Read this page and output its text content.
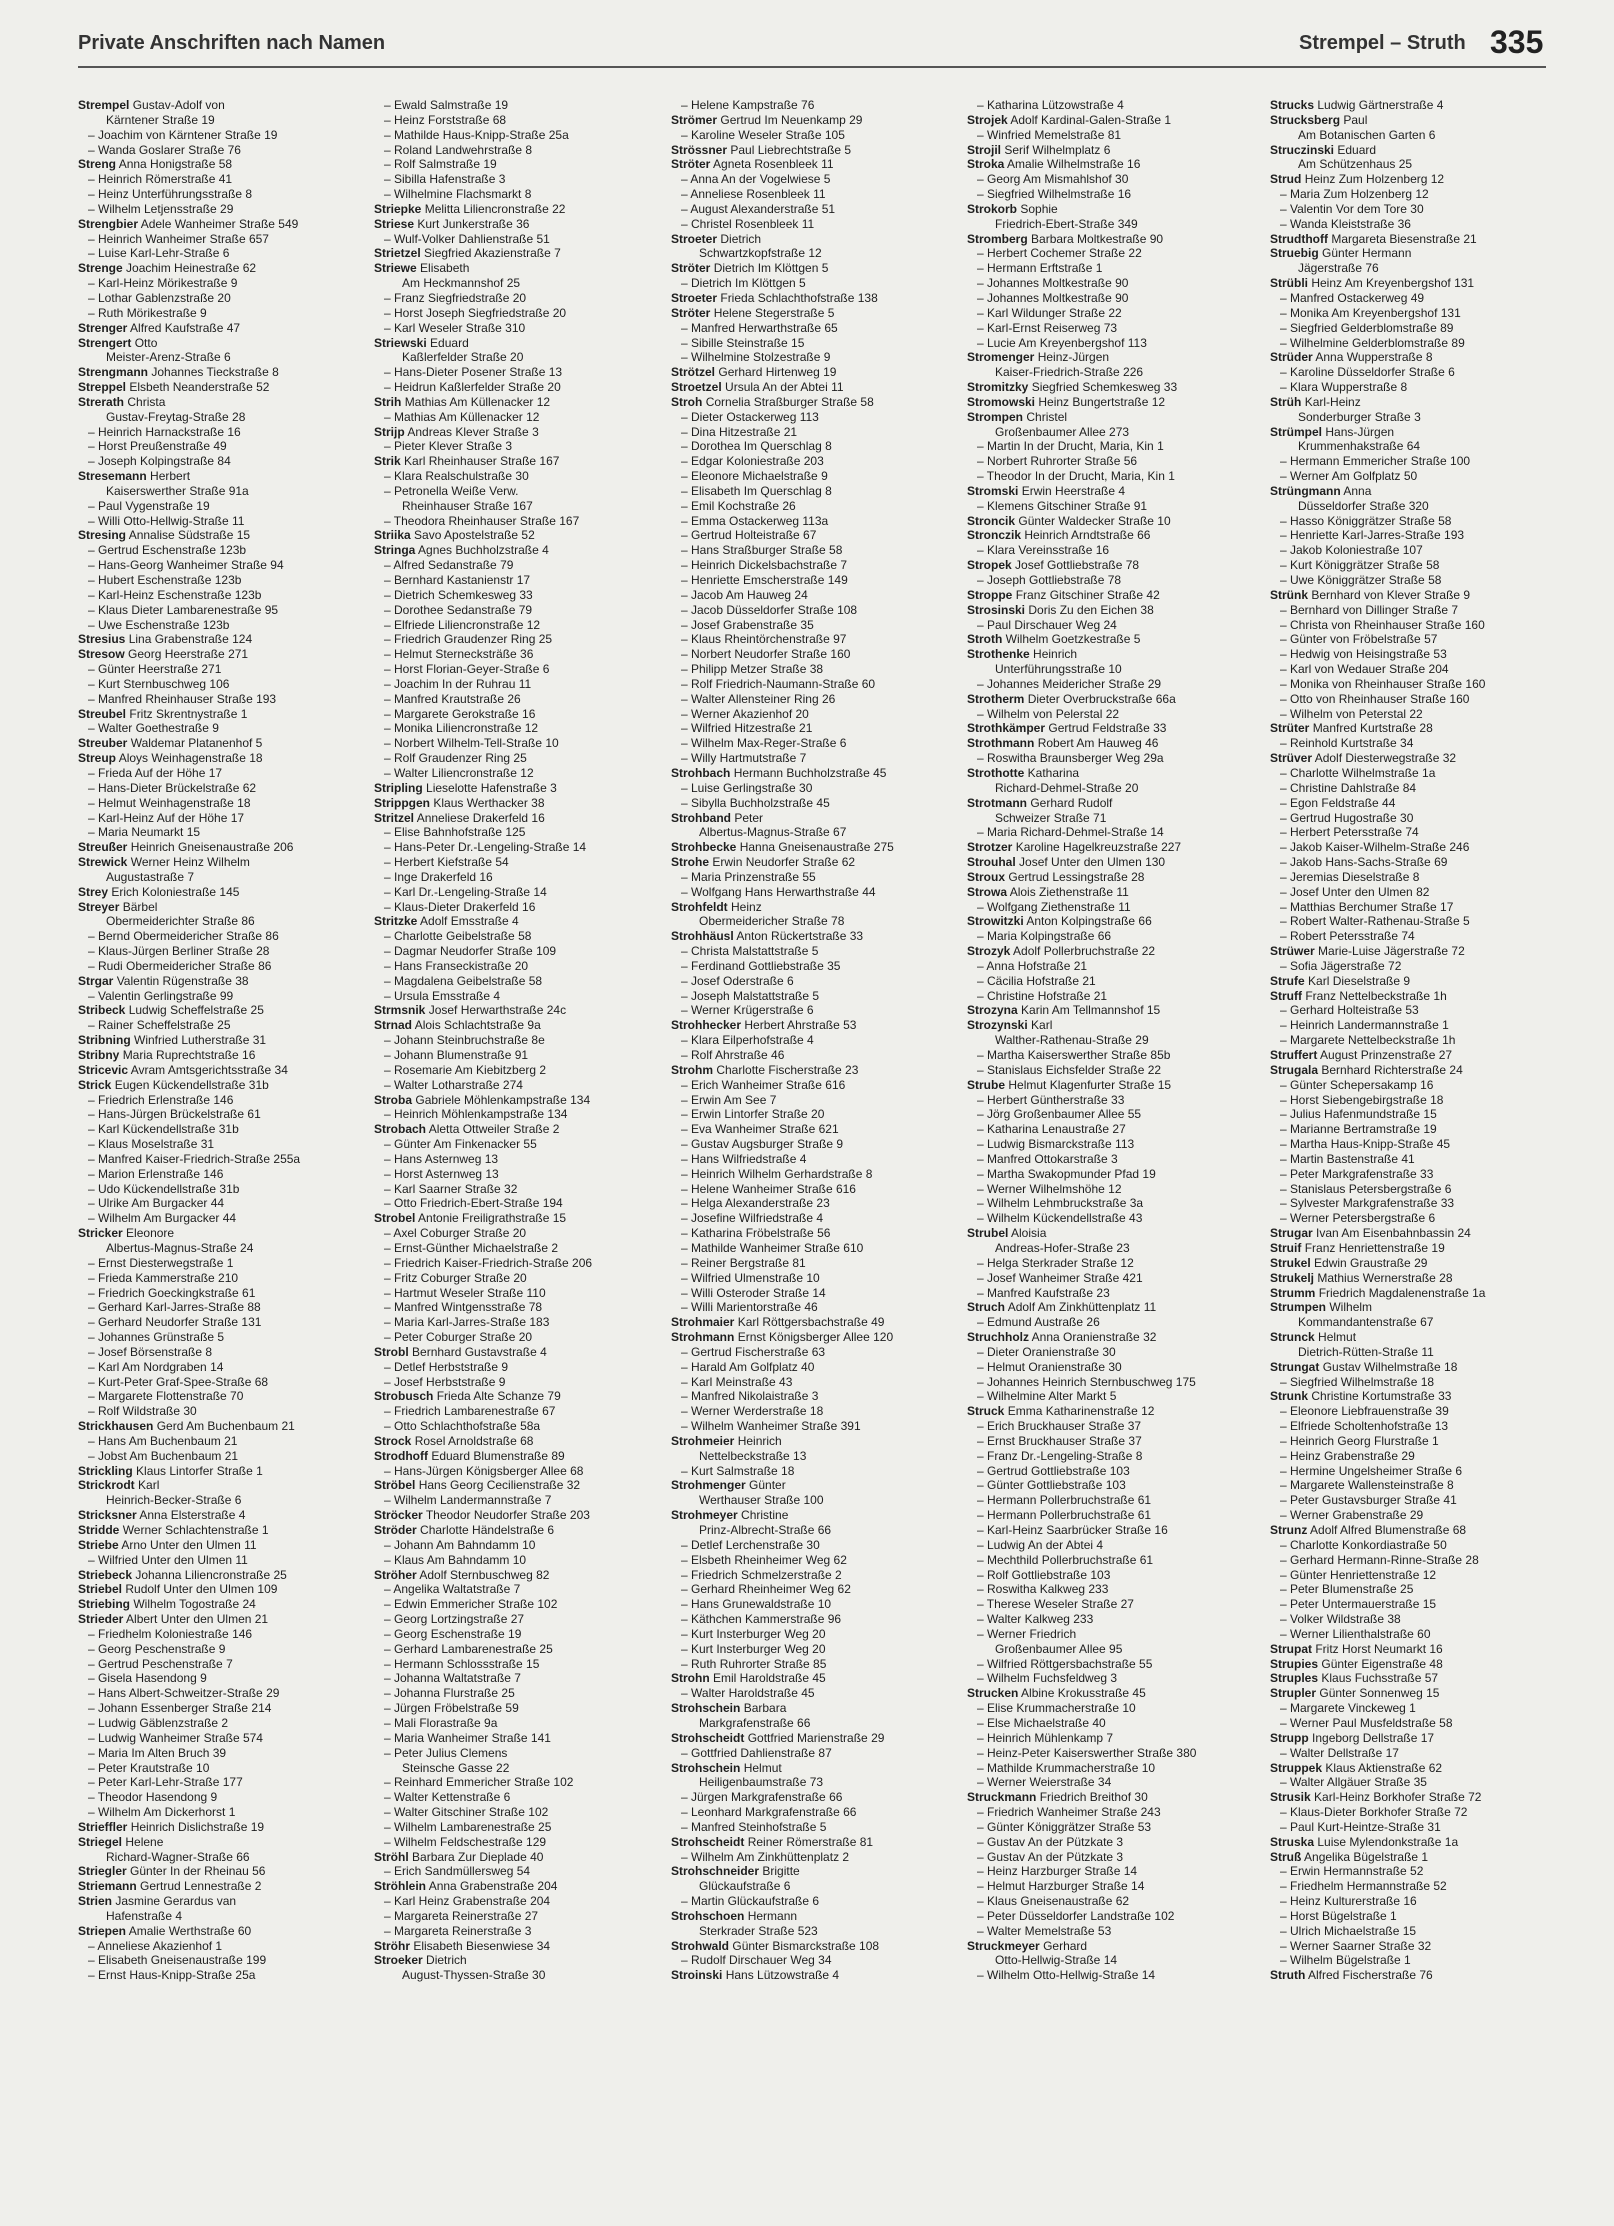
Private Anschriften nach Namen	Strempel – Struth 335
Strempel Gustav-Adolf von
Kärntener Straße 19
– Joachim von Kärntener Straße 19
– Wanda Goslarer Straße 76
Streng Anna Honigstraße 58
– Heinrich Römerstraße 41
– Heinz Unterführungsstraße 8
– Wilhelm Letjensstraße 29
Strengbier Adele Wanheimer Straße 549
– Heinrich Wanheimer Straße 657
– Luise Karl-Lehr-Straße 6
Strenge Joachim Heinestraße 62
– Karl-Heinz Mörikestraße 9
– Lothar Gablenzstraße 20
– Ruth Mörikestraße 9
Strenger Alfred Kaufstraße 47
Strengert Otto
Meister-Arenz-Straße 6
Strengmann Johannes Tieckstraße 8
Streppel Elsbeth Neanderstraße 52
Strerath Christa
Gustav-Freytag-Straße 28
– Heinrich Harnackstraße 16
– Horst Preußenstraße 49
– Joseph Kolpingstraße 84
Stresemann Herbert
Kaiserswerther Straße 91a
– Paul Vygenstraße 19
– Willi Otto-Hellwig-Straße 11
Stresing Annalise Südstraße 15
– Gertrud Eschenstraße 123b
– Hans-Georg Wanheimer Straße 94
– Hubert Eschenstraße 123b
– Karl-Heinz Eschenstraße 123b
– Klaus Dieter Lambarenestraße 95
– Uwe Eschenstraße 123b
Stresius Lina Grabenstraße 124
Stresow Georg Heerstraße 271
– Günter Heerstraße 271
– Kurt Sternbuschweg 106
– Manfred Rheinhauser Straße 193
Streubel Fritz Skrentnystraße 1
– Walter Goethestraße 9
Streuber Waldemar Platanenhof 5
Streup Aloys Weinhagenstraße 18
– Frieda Auf der Höhe 17
– Hans-Dieter Brückelstraße 62
– Helmut Weinhagenstraße 18
– Karl-Heinz Auf der Höhe 17
– Maria Neumarkt 15
Streußer Heinrich Gneisenaustraße 206
Strewick Werner Heinz Wilhelm
Augustastraße 7
Strey Erich Koloniestraße 145
Streyer Bärbel
Obermeiderichter Straße 86
– Bernd Obermeidericher Straße 86
– Klaus-Jürgen Berliner Straße 28
– Rudi Obermeidericher Straße 86
Strgar Valentin Rügenstraße 38
– Valentin Gerlingstraße 99
Stribeck Ludwig Scheffelstraße 25
– Rainer Scheffelstraße 25
Stribning Winfried Lutherstraße 31
Stribny Maria Ruprechtstraße 16
Stricevic Avram Amtsgerichtsstraße 34
Strick Eugen Kückendellstraße 31b
– Friedrich Erlenstraße 146
– Hans-Jürgen Brückelstraße 61
– Karl Kückendellstraße 31b
– Klaus Moselstraße 31
– Manfred Kaiser-Friedrich-Straße 255a
– Marion Erlenstraße 146
– Udo Kückendellstraße 31b
– Ulrike Am Burgacker 44
– Wilhelm Am Burgacker 44
Stricker Eleonore
Albertus-Magnus-Straße 24
– Ernst Diesterwegstraße 1
– Frieda Kammerstraße 210
– Friedrich Goeckingkstraße 61
– Gerhard Karl-Jarres-Straße 88
– Gerhard Neudorfer Straße 131
– Johannes Grünstraße 5
– Josef Börsenstraße 8
– Karl Am Nordgraben 14
– Kurt-Peter Graf-Spee-Straße 68
– Margarete Flottenstraße 70
– Rolf Wildstraße 30
Strickhausen Gerd Am Buchenbaum 21
– Hans Am Buchenbaum 21
– Jobst Am Buchenbaum 21
Strickling Klaus Lintorfer Straße 1
Strickrodt Karl
Heinrich-Becker-Straße 6
Stricksner Anna Elsterstraße 4
Stridde Werner Schlachtenstraße 1
Striebe Arno Unter den Ulmen 11
– Wilfried Unter den Ulmen 11
Striebeck Johanna Liliencronstraße 25
Striebel Rudolf Unter den Ulmen 109
Striebing Wilhelm Togostraße 24
Strieder Albert Unter den Ulmen 21
– Friedhelm Koloniestraße 146
– Georg Peschenstraße 9
– Gertrud Peschenstraße 7
– Gisela Hasendong 9
– Hans Albert-Schweitzer-Straße 29
– Johann Essenberger Straße 214
– Ludwig Gäblenzstraße 2
– Ludwig Wanheimer Straße 574
– Maria Im Alten Bruch 39
– Peter Krautstraße 10
– Peter Karl-Lehr-Straße 177
– Theodor Hasendong 9
– Wilhelm Am Dickerhorst 1
Strieffler Heinrich Dislichstraße 19
Striegel Helene
Richard-Wagner-Straße 66
Striegler Günter In der Rheinau 56
Striemann Gertrud Lennestraße 2
Strien Jasmine Gerardus van
Hafenstraße 4
Striepen Amalie Werthstraße 60
– Anneliese Akazienhof 1
– Elisabeth Gneisenaustraße 199
– Ernst Haus-Knipp-Straße 25a
– Ewald Salmstraße 19
– Heinz Forststraße 68
– Mathilde Haus-Knipp-Straße 25a
– Roland Landwehrstraße 8
– Rolf Salmstraße 19
– Sibilla Hafenstraße 3
– Wilhelmine Flachsmarkt 8
Striepke Melitta Liliencronstraße 22
Striese Kurt Junkerstraße 36
– Wulf-Volker Dahlienstraße 51
Strietzel Siegfried Akazienstraße 7
Striewe Elisabeth
Am Heckmannshof 25
– Franz Siegfriedstraße 20
– Horst Joseph Siegfriedstraße 20
– Karl Weseler Straße 310
Striewski Eduard
Kaßlerfelder Straße 20
– Hans-Dieter Posener Straße 13
– Heidrun Kaßlerfelder Straße 20
Strih Mathias Am Küllenacker 12
– Mathias Am Küllenacker 12
Strijp Andreas Klever Straße 3
– Pieter Klever Straße 3
Strik Karl Rheinhauser Straße 167
– Klara Realschulstraße 30
– Petronella Weiße Verw.
Rheinhauser Straße 167
– Theodora Rheinhauser Straße 167
Striika Savo Apostelstraße 52
Stringa Agnes Buchholzstraße 4
– Alfred Sedanstraße 79
– Bernhard Kastanienstr 17
– Dietrich Schemkesweg 33
– Dorothee Sedanstraße 79
– Elfriede Liliencronstraße 12
– Friedrich Graudenzer Ring 25
– Helmut Sternecksträße 36
– Horst Florian-Geyer-Straße 6
– Joachim In der Ruhrau 11
– Manfred Krautstraße 26
– Margarete Gerokstraße 16
– Monika Liliencronstraße 12
– Norbert Wilhelm-Tell-Straße 10
– Rolf Graudenzer Ring 25
– Walter Liliencronstraße 12
Stripling Lieselotte Hafenstraße 3
Strippgen Klaus Werthacker 38
Stritzel Anneliese Drakerfeld 16
– Elise Bahnhofstraße 125
– Hans-Peter Dr.-Lengeling-Straße 14
– Herbert Kiefstraße 54
– Inge Drakerfeld 16
– Karl Dr.-Lengeling-Straße 14
– Klaus-Dieter Drakerfeld 16
Stritzke Adolf Emsstraße 4
– Charlotte Geibelstraße 58
– Dagmar Neudorfer Straße 109
– Hans Franseckistraße 20
– Magdalena Geibelstraße 58
– Ursula Emsstraße 4
Strmsnik Josef Herwarthstraße 24c
Strnad Alois Schlachtstraße 9a
– Johann Steinbruchstraße 8e
– Johann Blumenstraße 91
– Rosemarie Am Kiebitzberg 2
– Walter Lotharstraße 274
Stroba Gabriele Möhlenkampstraße 134
– Heinrich Möhlenkampstraße 134
Strobach Aletta Ottweiler Straße 2
– Günter Am Finkenacker 55
– Hans Asternweg 13
– Horst Asternweg 13
– Karl Saarner Straße 32
– Otto Friedrich-Ebert-Straße 194
Strobel Antonie Freiligrathstraße 15
– Axel Coburger Straße 20
– Ernst-Günther Michaelstraße 2
– Friedrich Kaiser-Friedrich-Straße 206
– Fritz Coburger Straße 20
– Hartmut Weseler Straße 110
– Manfred Wintgensstraße 78
– Maria Karl-Jarres-Straße 183
– Peter Coburger Straße 20
Strobl Bernhard Gustavstraße 4
– Detlef Herbststraße 9
– Josef Herbststraße 9
Strobusch Frieda Alte Schanze 79
– Friedrich Lambarenestraße 67
– Otto Schlachthofstraße 58a
Strock Rosel Arnoldstraße 68
Strodhoff Eduard Blumenstraße 89
– Hans-Jürgen Königsberger Allee 68
Ströbel Hans Georg Cecilienstraße 32
– Wilhelm Landermannstraße 7
Ströcker Theodor Neudorfer Straße 203
Ströder Charlotte Händelstraße 6
– Johann Am Bahndamm 10
– Klaus Am Bahndamm 10
Ströher Adolf Sternbuschweg 82
– Angelika Waltatstraße 7
– Edwin Emmericher Straße 102
– Georg Lortzingstraße 27
– Georg Eschenstraße 19
– Gerhard Lambarenestraße 25
– Hermann Schlossstraße 15
– Johanna Waltatstraße 7
– Johanna Flurstraße 25
– Jürgen Fröbelstraße 59
– Mali Florastraße 9a
– Maria Wanheimer Straße 141
– Peter Julius Clemens
Steinsche Gasse 22
– Reinhard Emmericher Straße 102
– Walter Kettenstraße 6
– Walter Gitschiner Straße 102
– Wilhelm Lambarenestraße 25
– Wilhelm Feldschestraße 129
Ströhl Barbara Zur Dieplade 40
– Erich Sandmüllersweg 54
Ströhlein Anna Grabenstraße 204
– Karl Heinz Grabenstraße 204
– Margareta Reinerstraße 27
– Margareta Reinerstraße 3
Ströhr Elisabeth Biesenwiese 34
Stroeker Dietrich
August-Thyssen-Straße 30
– Helene Kampstraße 76
Strömer Gertrud Im Neuenkamp 29
– Karoline Weseler Straße 105
Strössner Paul Liebrechtstraße 5
Ströter Agneta Rosenbleek 11
– Anna An der Vogelwiese 5
– Anneliese Rosenbleek 11
– August Alexanderstraße 51
– Christel Rosenbleek 11
Stroeter Dietrich
Schwartzkopfstraße 12
Ströter Dietrich Im Klöttgen 5
– Dietrich Im Klöttgen 5
Stroeter Frieda Schlachthofstraße 138
Ströter Helene Stegerstraße 5
– Manfred Herwarthstraße 65
– Sibille Steinstraße 15
– Wilhelmine Stolzestraße 9
Strötzel Gerhard Hirtenweg 19
Stroetzel Ursula An der Abtei 11
Stroh Cornelia Straßburger Straße 58
– Dieter Ostackerweg 113
– Dina Hitzestraße 21
– Dorothea Im Querschlag 8
– Edgar Koloniestraße 203
– Eleonore Michaelstraße 9
– Elisabeth Im Querschlag 8
– Emil Kochstraße 26
– Emma Ostackerweg 113a
– Gertrud Holteistraße 67
– Hans Straßburger Straße 58
– Heinrich Dickelsbachstraße 7
– Henriette Emscherstraße 149
– Jacob Am Hauweg 24
– Jacob Düsseldorfer Straße 108
– Josef Grabenstraße 35
– Klaus Rheintörchenstraße 97
– Norbert Neudorfer Straße 160
– Philipp Metzer Straße 38
– Rolf Friedrich-Naumann-Straße 60
– Walter Allensteiner Ring 26
– Werner Akazienhof 20
– Wilfried Hitzestraße 21
– Wilhelm Max-Reger-Straße 6
– Willy Hartmutstraße 7
Strohbach Hermann Buchholzstraße 45
– Luise Gerlingstraße 30
– Sibylla Buchholzstraße 45
Strohband Peter
Albertus-Magnus-Straße 67
Strohbecke Hanna Gneisenaustraße 275
Strohe Erwin Neudorfer Straße 62
– Maria Prinzenstraße 55
– Wolfgang Hans Herwarthstraße 44
Strohfeldt Heinz
Obermeidericher Straße 78
Strohhäusl Anton Rückertstraße 33
– Christa Malstattstraße 5
– Ferdinand Gottliebstraße 35
– Josef Oderstraße 6
– Joseph Malstattstraße 5
– Werner Krügerstraße 6
Strohhecker Herbert Ahrstraße 53
– Klara Eilperhofstraße 4
– Rolf Ahrstraße 46
Strohm Charlotte Fischerstraße 23
– Erich Wanheimer Straße 616
– Erwin Am See 7
– Erwin Lintorfer Straße 20
– Eva Wanheimer Straße 621
– Gustav Augsburger Straße 9
– Hans Wilfriedstraße 4
– Heinrich Wilhelm Gerhardstraße 8
– Helene Wanheimer Straße 616
– Helga Alexanderstraße 23
– Josefine Wilfriedstraße 4
– Katharina Fröbelstraße 56
– Mathilde Wanheimer Straße 610
– Reiner Bergstraße 81
– Wilfried Ulmenstraße 10
– Willi Osteroder Straße 14
– Willi Marientorstraße 46
Strohmaier Karl Röttgersbachstraße 49
Strohmann Ernst Königsberger Allee 120
– Gertrud Fischerstraße 63
– Harald Am Golfplatz 40
– Karl Meinstraße 43
– Manfred Nikolaistraße 3
– Werner Werderstraße 18
– Wilhelm Wanheimer Straße 391
Strohmeier Heinrich
Nettelbeckstraße 13
– Kurt Salmstraße 18
Strohmenger Günter
Werthauser Straße 100
Strohmeyer Christine
Prinz-Albrecht-Straße 66
– Detlef Lerchenstraße 30
– Elsbeth Rheinheimer Weg 62
– Friedrich Schmelzerstraße 2
– Gerhard Rheinheimer Weg 62
– Hans Grunewaldstraße 10
– Käthchen Kammerstraße 96
– Kurt Insterburger Weg 20
– Kurt Insterburger Weg 20
– Ruth Ruhrorter Straße 85
Strohn Emil Haroldstraße 45
– Walter Haroldstraße 45
Strohschein Barbara
Markgrafenstraße 66
Strohscheidt Gottfried Marienstraße 29
– Gottfried Dahlienstraße 87
Strohschein Helmut
Heiligenbaumstraße 73
– Jürgen Markgrafenstraße 66
– Leonhard Markgrafenstraße 66
– Manfred Steinhofstraße 5
Strohscheidt Reiner Römerstraße 81
– Wilhelm Am Zinkhüttenplatz 2
Strohschneider Brigitte
Glückaufstraße 6
– Martin Glückaufstraße 6
Strohschoen Hermann
Sterkrader Straße 523
Strohwald Günter Bismarckstraße 108
– Rudolf Dirschauer Weg 34
Stroinski Hans Lützowstraße 4
– Katharina Lützowstraße 4
Strojek Adolf Kardinal-Galen-Straße 1
– Winfried Memelstraße 81
Strojil Serif Wilhelmplatz 6
Stroka Amalie Wilhelmstraße 16
– Georg Am Mismahlshof 30
– Siegfried Wilhelmstraße 16
Strokorb Sophie
Friedrich-Ebert-Straße 349
Stromberg Barbara Moltkestraße 90
– Herbert Cochemer Straße 22
– Hermann Erftstraße 1
– Johannes Moltkestraße 90
– Johannes Moltkestraße 90
– Karl Wildunger Straße 22
– Karl-Ernst Reiserweg 73
– Lucie Am Kreyenbergshof 113
Stromenger Heinz-Jürgen
Kaiser-Friedrich-Straße 226
Stromitzky Siegfried Schemkesweg 33
Stromowski Heinz Bungertstraße 12
Strompen Christel
Großenbaumer Allee 273
– Martin In der Drucht, Maria, Kin 1
– Norbert Ruhrorter Straße 56
– Theodor In der Drucht, Maria, Kin 1
Stromski Erwin Heerstraße 4
– Klemens Gitschiner Straße 91
Stroncik Günter Waldecker Straße 10
Stronczik Heinrich Arndtstraße 66
– Klara Vereinsstraße 16
Stropek Josef Gottliebstraße 78
– Joseph Gottliebstraße 78
Stroppe Franz Gitschiner Straße 42
Strosinski Doris Zu den Eichen 38
– Paul Dirschauer Weg 24
Stroth Wilhelm Goetzkestraße 5
Strothenke Heinrich
Unterführungsstraße 10
– Johannes Meidericher Straße 29
Strotherm Dieter Overbruckstraße 66a
– Wilhelm von Pelerstal 22
Strothkämper Gertrud Feldstraße 33
Strothmann Robert Am Hauweg 46
– Roswitha Braunsberger Weg 29a
Strothotte Katharina
Richard-Dehmel-Straße 20
Strotmann Gerhard Rudolf
Schweizer Straße 71
– Maria Richard-Dehmel-Straße 14
Strotzer Karoline Hagelkreuzstraße 227
Strouhal Josef Unter den Ulmen 130
Stroux Gertrud Lessingstraße 28
Strowa Alois Ziethenstraße 11
– Wolfgang Ziethenstraße 11
Strowitzki Anton Kolpingstraße 66
– Maria Kolpingstraße 66
Strozyk Adolf Pollerbruchstraße 22
– Anna Hofstraße 21
– Cäcilia Hofstraße 21
– Christine Hofstraße 21
Strozyna Karin Am Tellmannshof 15
Strozynski Karl
Walther-Rathenau-Straße 29
– Martha Kaiserswerther Straße 85b
– Stanislaus Eichsfelder Straße 22
Strube Helmut Klagenfurter Straße 15
– Herbert Güntherstraße 33
– Jörg Großenbaumer Allee 55
– Katharina Lenaustraße 27
– Ludwig Bismarckstraße 113
– Manfred Ottokarstraße 3
– Martha Swakopmunder Pfad 19
– Werner Wilhelmshöhe 12
– Wilhelm Lehmbruckstraße 3a
– Wilhelm Kückendellstraße 43
Strubel Aloisia
Andreas-Hofer-Straße 23
– Helga Sterkrader Straße 12
– Josef Wanheimer Straße 421
– Manfred Kaufstraße 23
Struch Adolf Am Zinkhüttenplatz 11
– Edmund Austraße 26
Struchholz Anna Oranienstraße 32
– Dieter Oranienstraße 30
– Helmut Oranienstraße 30
– Johannes Heinrich Sternbuschweg 175
– Wilhelmine Alter Markt 5
Struck Emma Katharinenstraße 12
– Erich Bruckhauser Straße 37
– Ernst Bruckhauser Straße 37
– Franz Dr.-Lengeling-Straße 8
– Gertrud Gottliebstraße 103
– Günter Gottliebstraße 103
– Hermann Pollerbruchstraße 61
– Hermann Pollerbruchstraße 61
– Karl-Heinz Saarbrücker Straße 16
– Ludwig An der Abtei 4
– Mechthild Pollerbruchstraße 61
– Rolf Gottliebstraße 103
– Roswitha Kalkweg 233
– Therese Weseler Straße 27
– Walter Kalkweg 233
– Werner Friedrich
Großenbaumer Allee 95
– Wilfried Röttgersbachstraße 55
– Wilhelm Fuchsfeldweg 3
Strucken Albine Krokusstraße 45
– Elise Krummacherstraße 10
– Else Michaelstraße 40
– Heinrich Mühlenkamp 7
– Heinz-Peter Kaiserswerther Straße 380
– Mathilde Krummacherstraße 10
– Werner Weierstraße 34
Struckmann Friedrich Breithof 30
– Friedrich Wanheimer Straße 243
– Günter Königgrätzer Straße 53
– Gustav An der Pützkate 3
– Gustav An der Pützkate 3
– Heinz Harzburger Straße 14
– Helmut Harzburger Straße 14
– Klaus Gneisenaustraße 62
– Peter Düsseldorfer Landstraße 102
– Walter Memelstraße 53
Struckmeyer Gerhard
Otto-Hellwig-Straße 14
– Wilhelm Otto-Hellwig-Straße 14
Strucks Ludwig Gärtnerstraße 4
Strucksberg Paul
Am Botanischen Garten 6
Struczinski Eduard
Am Schützenhaus 25
Strud Heinz Zum Holzenberg 12
– Maria Zum Holzenberg 12
– Valentin Vor dem Tore 30
– Wanda Kleiststraße 36
Strudthoff Margareta Biesenstraße 21
Struebig Günter Hermann
Jägerstraße 76
Strübli Heinz Am Kreyenbergshof 131
– Manfred Ostackerweg 49
– Monika Am Kreyenbergshof 131
– Siegfried Gelderblomstraße 89
– Wilhelmine Gelderblomstraße 89
Strüder Anna Wupperstraße 8
– Karoline Düsseldorfer Straße 6
– Klara Wupperstraße 8
Strüh Karl-Heinz
Sonderburger Straße 3
Strümpel Hans-Jürgen
Krummenhakstraße 64
– Hermann Emmericher Straße 100
– Werner Am Golfplatz 50
Strüngmann Anna
Düsseldorfer Straße 320
– Hasso Königgrätzer Straße 58
– Henriette Karl-Jarres-Straße 193
– Jakob Koloniestraße 107
– Kurt Königgrätzer Straße 58
– Uwe Königgrätzer Straße 58
Strünk Bernhard von Klever Straße 9
– Bernhard von Dillinger Straße 7
– Christa von Rheinhauser Straße 160
– Günter von Fröbelstraße 57
– Hedwig von Heisingstraße 53
– Karl von Wedauer Straße 204
– Monika von Rheinhauser Straße 160
– Otto von Rheinhauser Straße 160
– Wilhelm von Peterstal 22
Strüter Manfred Kurtstraße 28
– Reinhold Kurtstraße 34
Strüver Adolf Diesterwegstraße 32
– Charlotte Wilhelmstraße 1a
– Christine Dahlstraße 84
– Egon Feldstraße 44
– Gertrud Hugostraße 30
– Herbert Petersstraße 74
– Jakob Kaiser-Wilhelm-Straße 246
– Jakob Hans-Sachs-Straße 69
– Jeremias Dieselstraße 8
– Josef Unter den Ulmen 82
– Matthias Berchumer Straße 17
– Robert Walter-Rathenau-Straße 5
– Robert Petersstraße 74
Strüwer Marie-Luise Jägerstraße 72
– Sofia Jägerstraße 72
Strufe Karl Dieselstraße 9
Struff Franz Nettelbeckstraße 1h
– Gerhard Holteistraße 53
– Heinrich Landermannstraße 1
– Margarete Nettelbeckstraße 1h
Struffert August Prinzenstraße 27
Strugala Bernhard Richterstraße 24
– Günter Schepersakamp 16
– Horst Siebengebirgstraße 18
– Julius Hafenmundstraße 15
– Marianne Bertramstraße 19
– Martha Haus-Knipp-Straße 45
– Martin Bastenstraße 41
– Peter Markgrafenstraße 33
– Stanislaus Petersbergstraße 6
– Sylvester Markgrafenstraße 33
– Werner Petersbergstraße 6
Strugar Ivan Am Eisenbahnbassin 24
Struif Franz Henriettenstraße 19
Strukel Edwin Graustraße 29
Strukelj Mathius Wernerstraße 28
Strumm Friedrich Magdalenenstraße 1a
Strumpen Wilhelm
Kommandantenstraße 67
Strunck Helmut
Dietrich-Rütten-Straße 11
Strungat Gustav Wilhelmstraße 18
– Siegfried Wilhelmstraße 18
Strunk Christine Kortumstraße 33
– Eleonore Liebfrauenstraße 39
– Elfriede Scholtenhofstraße 13
– Heinrich Georg Flurstraße 1
– Heinz Grabenstraße 29
– Hermine Ungelsheimer Straße 6
– Margarete Wallensteinstraße 8
– Peter Gustavsburger Straße 41
– Werner Grabenstraße 29
Strunz Adolf Alfred Blumenstraße 68
– Charlotte Konkordiastraße 50
– Gerhard Hermann-Rinne-Straße 28
– Günter Henriettenstraße 12
– Peter Blumenstraße 25
– Peter Untermauerstraße 15
– Volker Wildstraße 38
– Werner Lilienthalstraße 60
Strupat Fritz Horst Neumarkt 16
Strupies Günter Eigenstraße 48
Struples Klaus Fuchsstraße 57
Strupler Günter Sonnenweg 15
– Margarete Vinckeweg 1
– Werner Paul Musfeldstraße 58
Strupp Ingeborg Dellstraße 17
– Walter Dellstraße 17
Struppek Klaus Aktienstraße 62
– Walter Allgäuer Straße 35
Strusik Karl-Heinz Borkhofer Straße 72
– Klaus-Dieter Borkhofer Straße 72
– Paul Kurt-Heintze-Straße 31
Struska Luise Mylendonkstraße 1a
Struß Angelika Bügelstraße 1
– Erwin Hermannstraße 52
– Friedhelm Hermannstraße 52
– Heinz Kulturerstraße 16
– Horst Bügelstraße 1
– Ulrich Michaelstraße 15
– Werner Saarner Straße 32
– Wilhelm Bügelstraße 1
Struth Alfred Fischerstraße 76
